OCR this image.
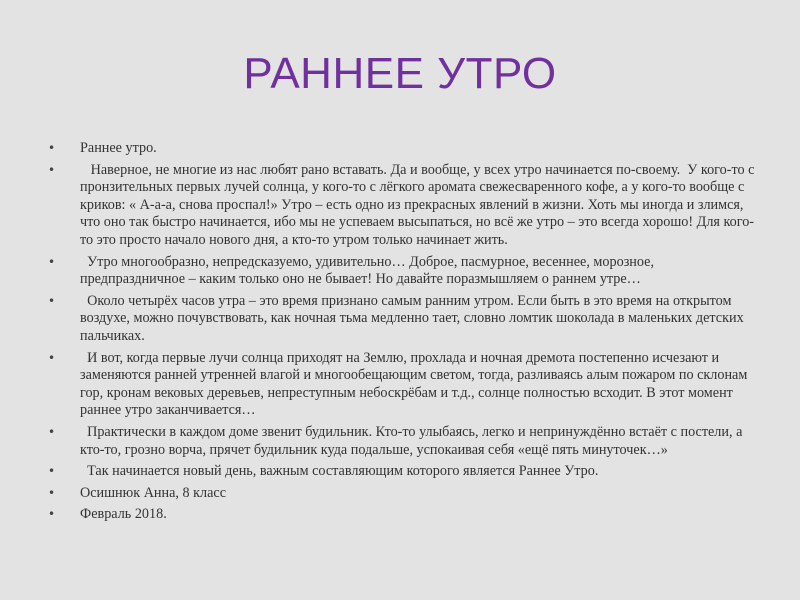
РАННЕЕ УТРО
•	Раннее утро.
•	Наверное, не многие из нас любят рано вставать. Да и вообще, у всех утро начинается по-своему.  У кого-то с пронзительных первых лучей солнца, у кого-то с лёгкого аромата свежесваренного кофе, а у кого-то вообще с криков: « А-а-а, снова проспал!» Утро – есть одно из прекрасных явлений в жизни. Хоть мы иногда и злимся, что оно так быстро начинается, ибо мы не успеваем высыпаться, но всё же утро – это всегда хорошо! Для кого-то это просто начало нового дня, а кто-то утром только начинает жить.
•	Утро многообразно, непредсказуемо, удивительно… Доброе, пасмурное, весеннее, морозное, предпраздничное – каким только оно не бывает! Но давайте поразмышляем о раннем утре…
•	Около четырёх часов утра – это время признано самым ранним утром. Если быть в это время на открытом воздухе, можно почувствовать, как ночная тьма медленно тает, словно ломтик шоколада в маленьких детских пальчиках.
•	И вот, когда первые лучи солнца приходят на Землю, прохлада и ночная дремота постепенно исчезают и заменяются ранней утренней влагой и многообещающим светом, тогда, разливаясь алым пожаром по склонам гор, кронам вековых деревьев, непреступным небоскрёбам и т.д., солнце полностью всходит. В этот момент раннее утро заканчивается…
•	Практически в каждом доме звенит будильник. Кто-то улыбаясь, легко и непринуждённо встаёт с постели, а кто-то, грозно ворча, прячет будильник куда подальше, успокаивая себя «ещё пять минуточек…»
•	Так начинается новый день, важным составляющим которого является Раннее Утро.
•	Осишнюк Анна, 8 класс
•	Февраль 2018.
